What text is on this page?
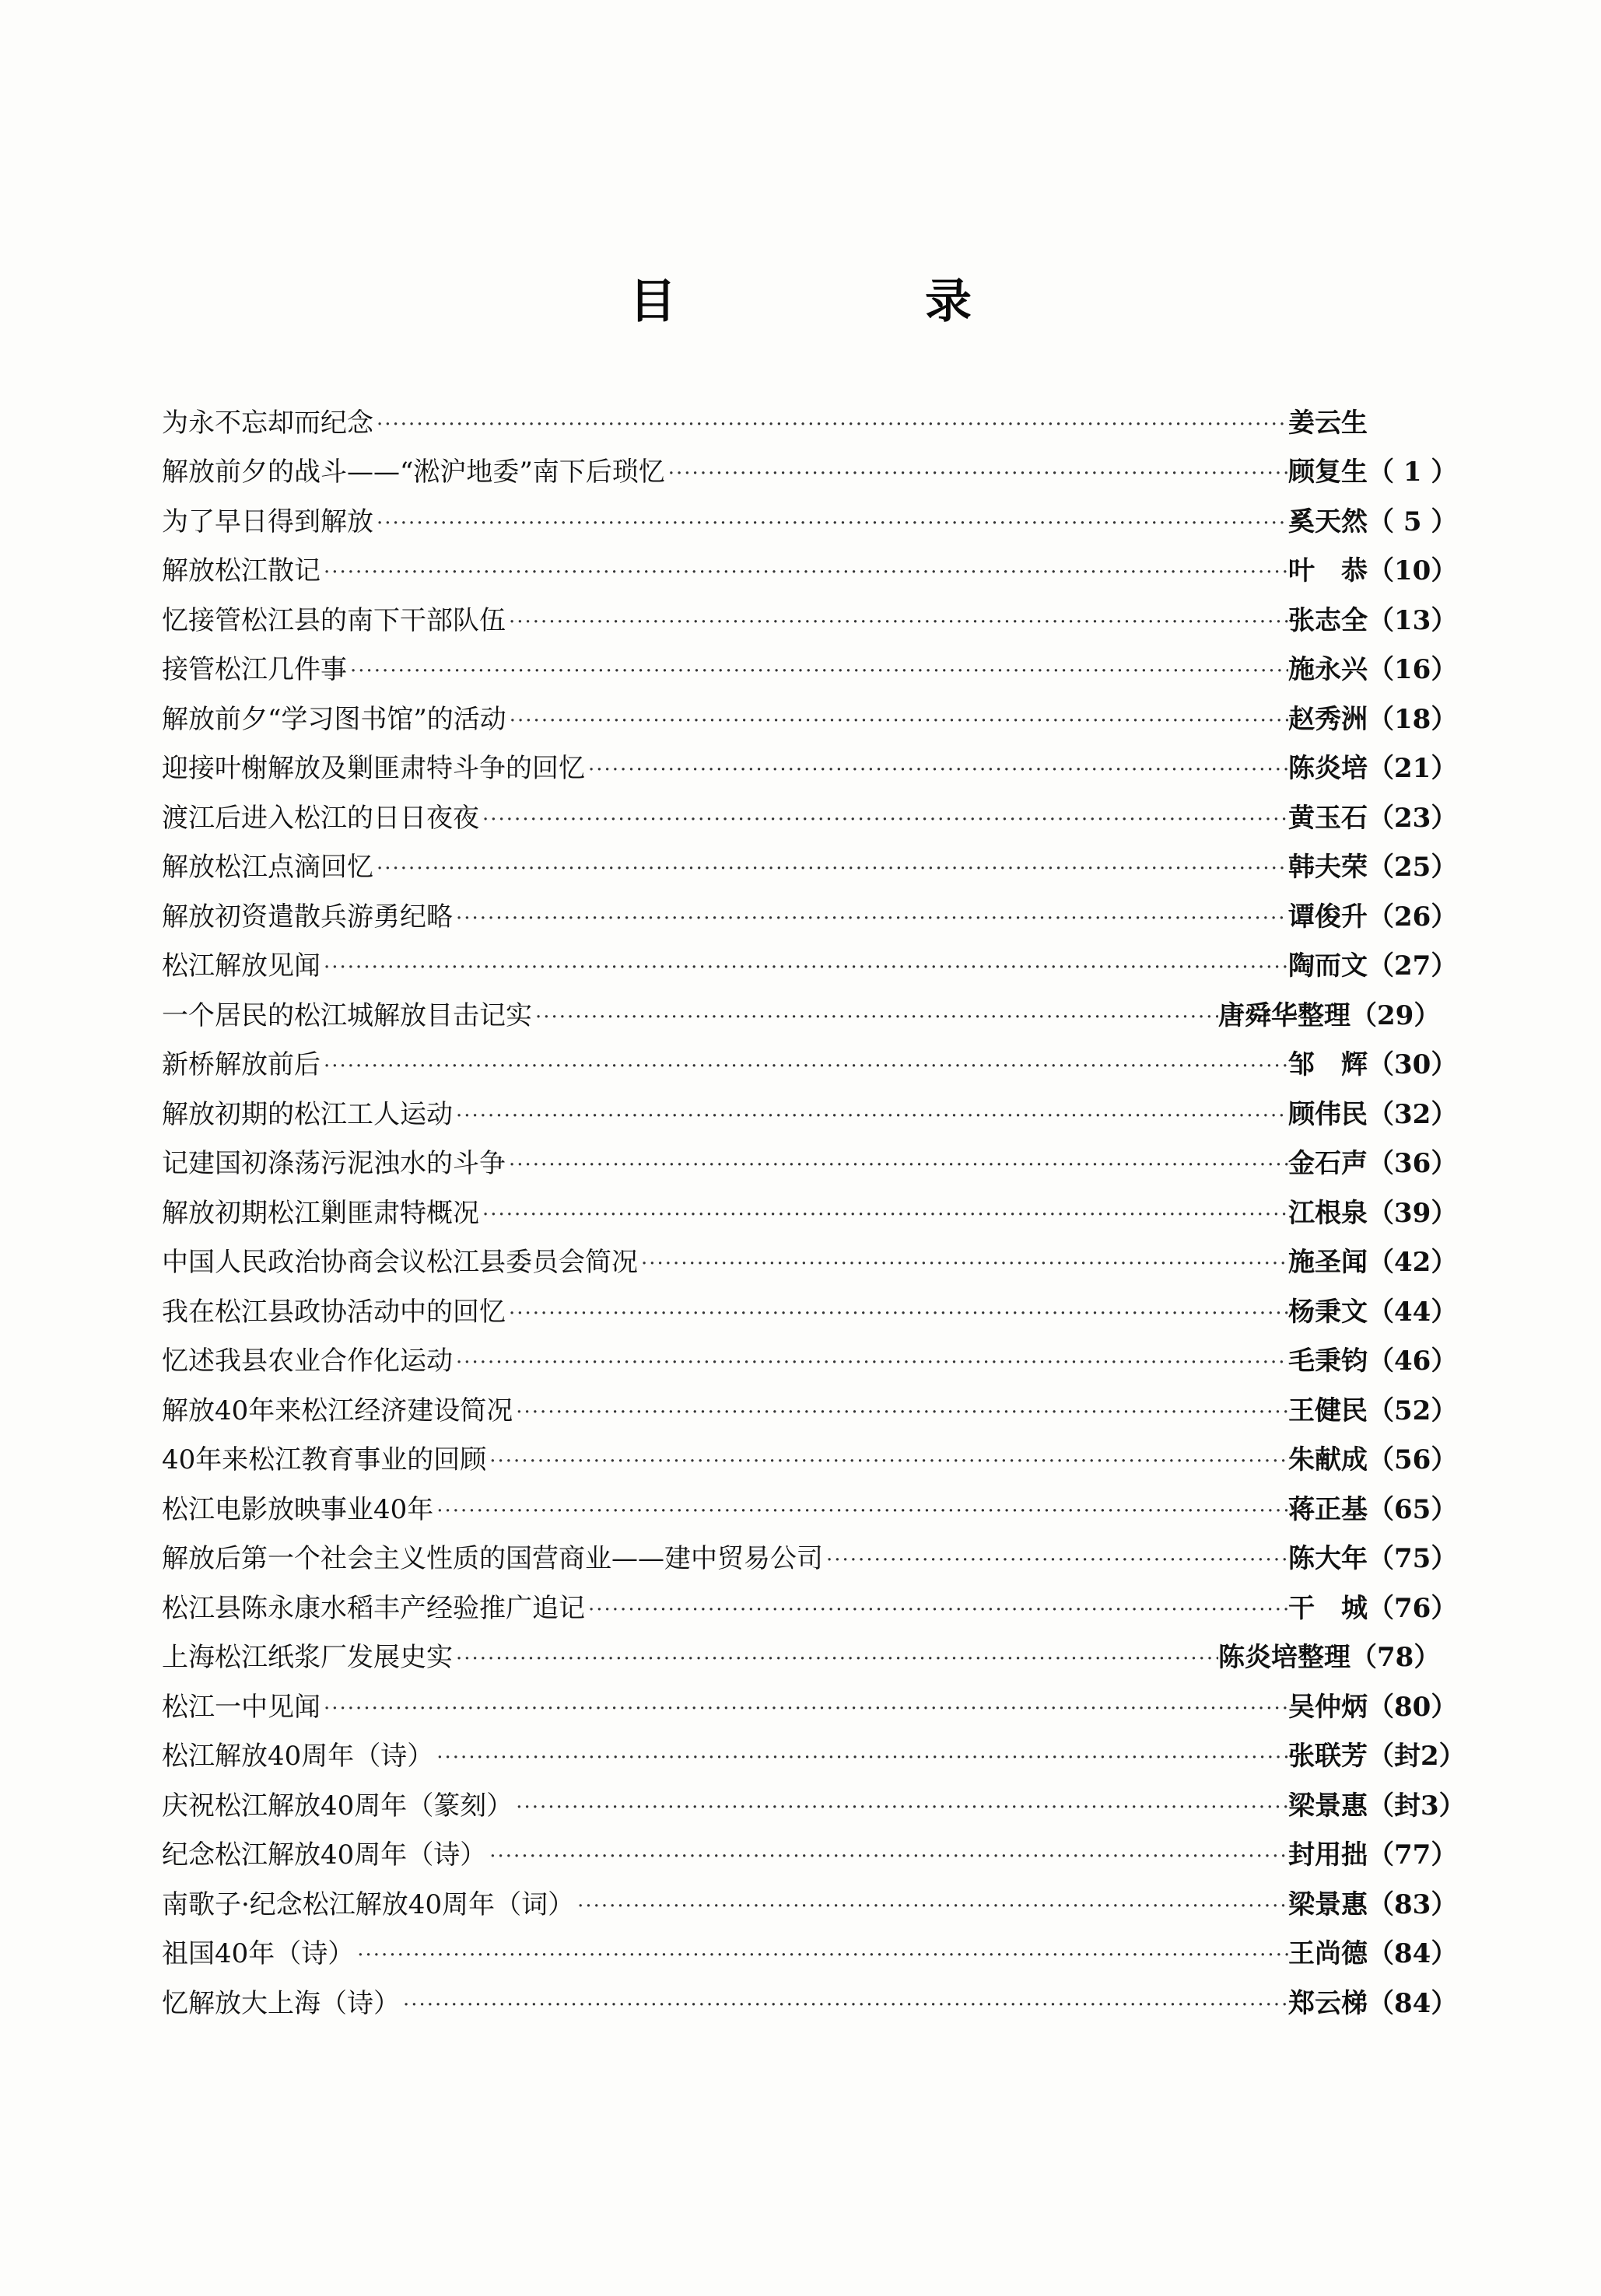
目　录
为永不忘却而纪念 ·····	姜云生
解放前夕的战斗——“淞沪地委”南下后琐忆 ·····	顾复生（ 1 ）
为了早日得到解放 ·····	奚天然（ 5 ）
解放松江散记 ·····	叶　恭（10）
忆接管松江县的南下干部队伍 ·····	张志全（13）
接管松江几件事 ·····	施永兴（16）
解放前夕“学习图书馆”的活动 ·····	赵秀洲（18）
迎接叶榭解放及剿匪肃特斗争的回忆 ·····	陈炎培（21）
渡江后进入松江的日日夜夜 ·····	黄玉石（23）
解放松江点滴回忆 ·····	韩夫荣（25）
解放初资遣散兵游勇纪略 ·····	谭俊升（26）
松江解放见闻 ·····	陶而文（27）
一个居民的松江城解放目击记实 ·····	唐舜华整理（29）
新桥解放前后 ·····	邹　辉（30）
解放初期的松江工人运动 ·····	顾伟民（32）
记建国初涤荡污泥浊水的斗争 ·····	金石声（36）
解放初期松江剿匪肃特概况 ·····	江根泉（39）
中国人民政治协商会议松江县委员会简况 ·····	施圣闻（42）
我在松江县政协活动中的回忆 ·····	杨秉文（44）
忆述我县农业合作化运动 ·····	毛秉钧（46）
解放40年来松江经济建设简况 ·····	王健民（52）
40年来松江教育事业的回顾 ·····	朱献成（56）
松江电影放映事业40年 ·····	蒋正基（65）
解放后第一个社会主义性质的国营商业——建中贸易公司 ·····	陈大年（75）
松江县陈永康水稻丰产经验推广追记 ·····	干　城（76）
上海松江纸浆厂发展史实 ·····	陈炎培整理（78）
松江一中见闻 ·····	吴仲炳（80）
松江解放40周年（诗） ·····	张联芳（封2）
庆祝松江解放40周年（篆刻） ·····	梁景惠（封3）
纪念松江解放40周年（诗） ·····	封用拙（77）
南歌子·纪念松江解放40周年（词） ·····	梁景惠（83）
祖国40年（诗） ·····	王尚德（84）
忆解放大上海（诗） ·····	郑云梯（84）
